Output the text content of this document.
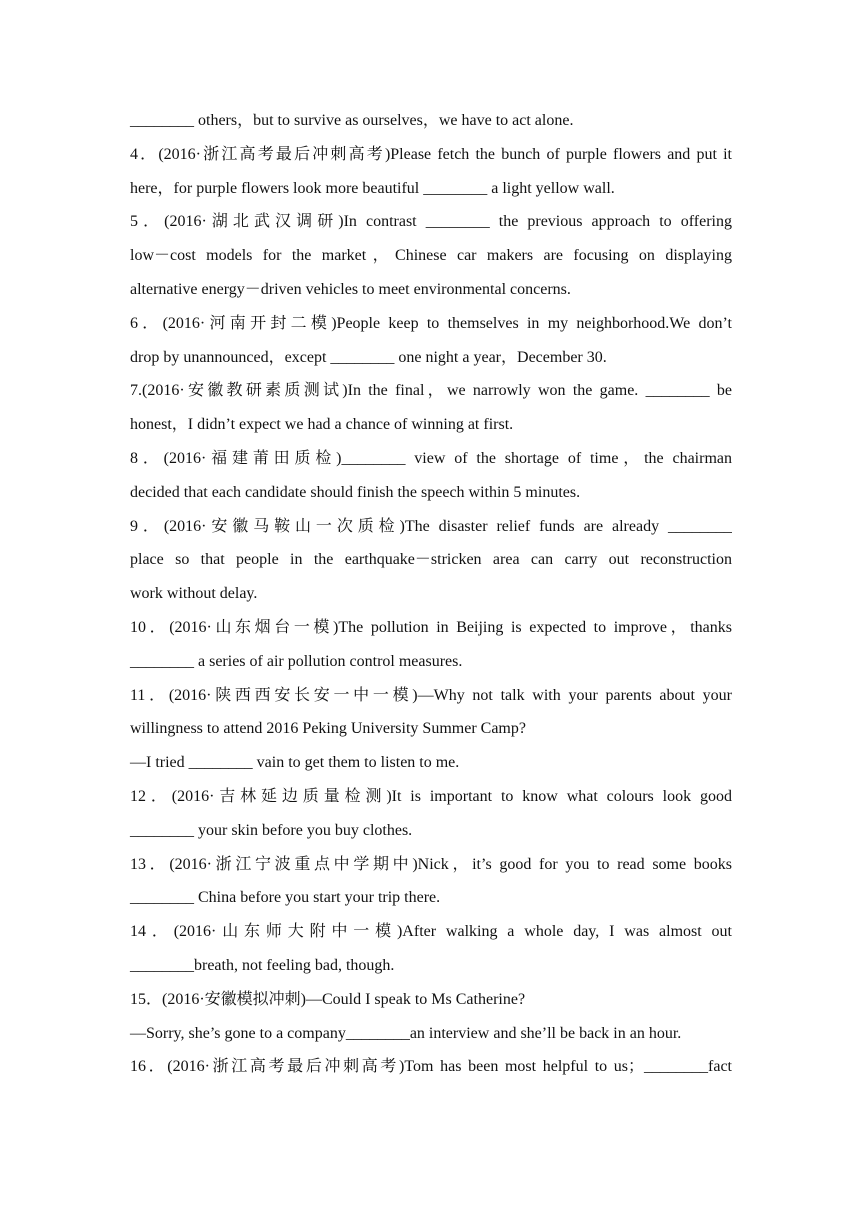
________ others，but to survive as ourselves，we have to act alone.
4．(2016·浙江高考最后冲刺高考)Please fetch the bunch of purple flowers and put it
here，for purple flowers look more beautiful ________ a light yellow wall.
5．(2016·湖北武汉调研)In contrast ________ the previous approach to offering
low－cost models for the market，Chinese car makers are focusing on displaying
alternative energy－driven vehicles to meet environmental concerns.
6．(2016·河南开封二模)People keep to themselves in my neighborhood.We don’t
drop by unannounced，except ________ one night a year，December 30.
7.(2016·安徽教研素质测试)In the final，we narrowly won the game. ________ be
honest，I didn’t expect we had a chance of winning at first.
8．(2016·福建莆田质检)________ view of the shortage of time，the chairman
decided that each candidate should finish the speech within 5 minutes.
9．(2016·安徽马鞍山一次质检)The disaster relief funds are already ________
place so that people in the earthquake－stricken area can carry out reconstruction
work without delay.
10．(2016·山东烟台一模)The pollution in Beijing is expected to improve，thanks
________ a series of air pollution control measures.
11．(2016·陕西西安长安一中一模)—Why not talk with your parents about your
willingness to attend 2016 Peking University Summer Camp?
—I tried ________ vain to get them to listen to me.
12．(2016·吉林延边质量检测)It is important to know what colours look good
________ your skin before you buy clothes.
13．(2016·浙江宁波重点中学期中)Nick，it’s good for you to read some books
________ China before you start your trip there.
14．(2016·山东师大附中一模)After walking a whole day, I was almost out
________breath, not feeling bad, though.
15．(2016·安徽模拟冲刺)—Could I speak to Ms Catherine?
—Sorry, she’s gone to a company________an interview and she’ll be back in an hour.
16．(2016·浙江高考最后冲刺高考)Tom has been most helpful to us；________fact
